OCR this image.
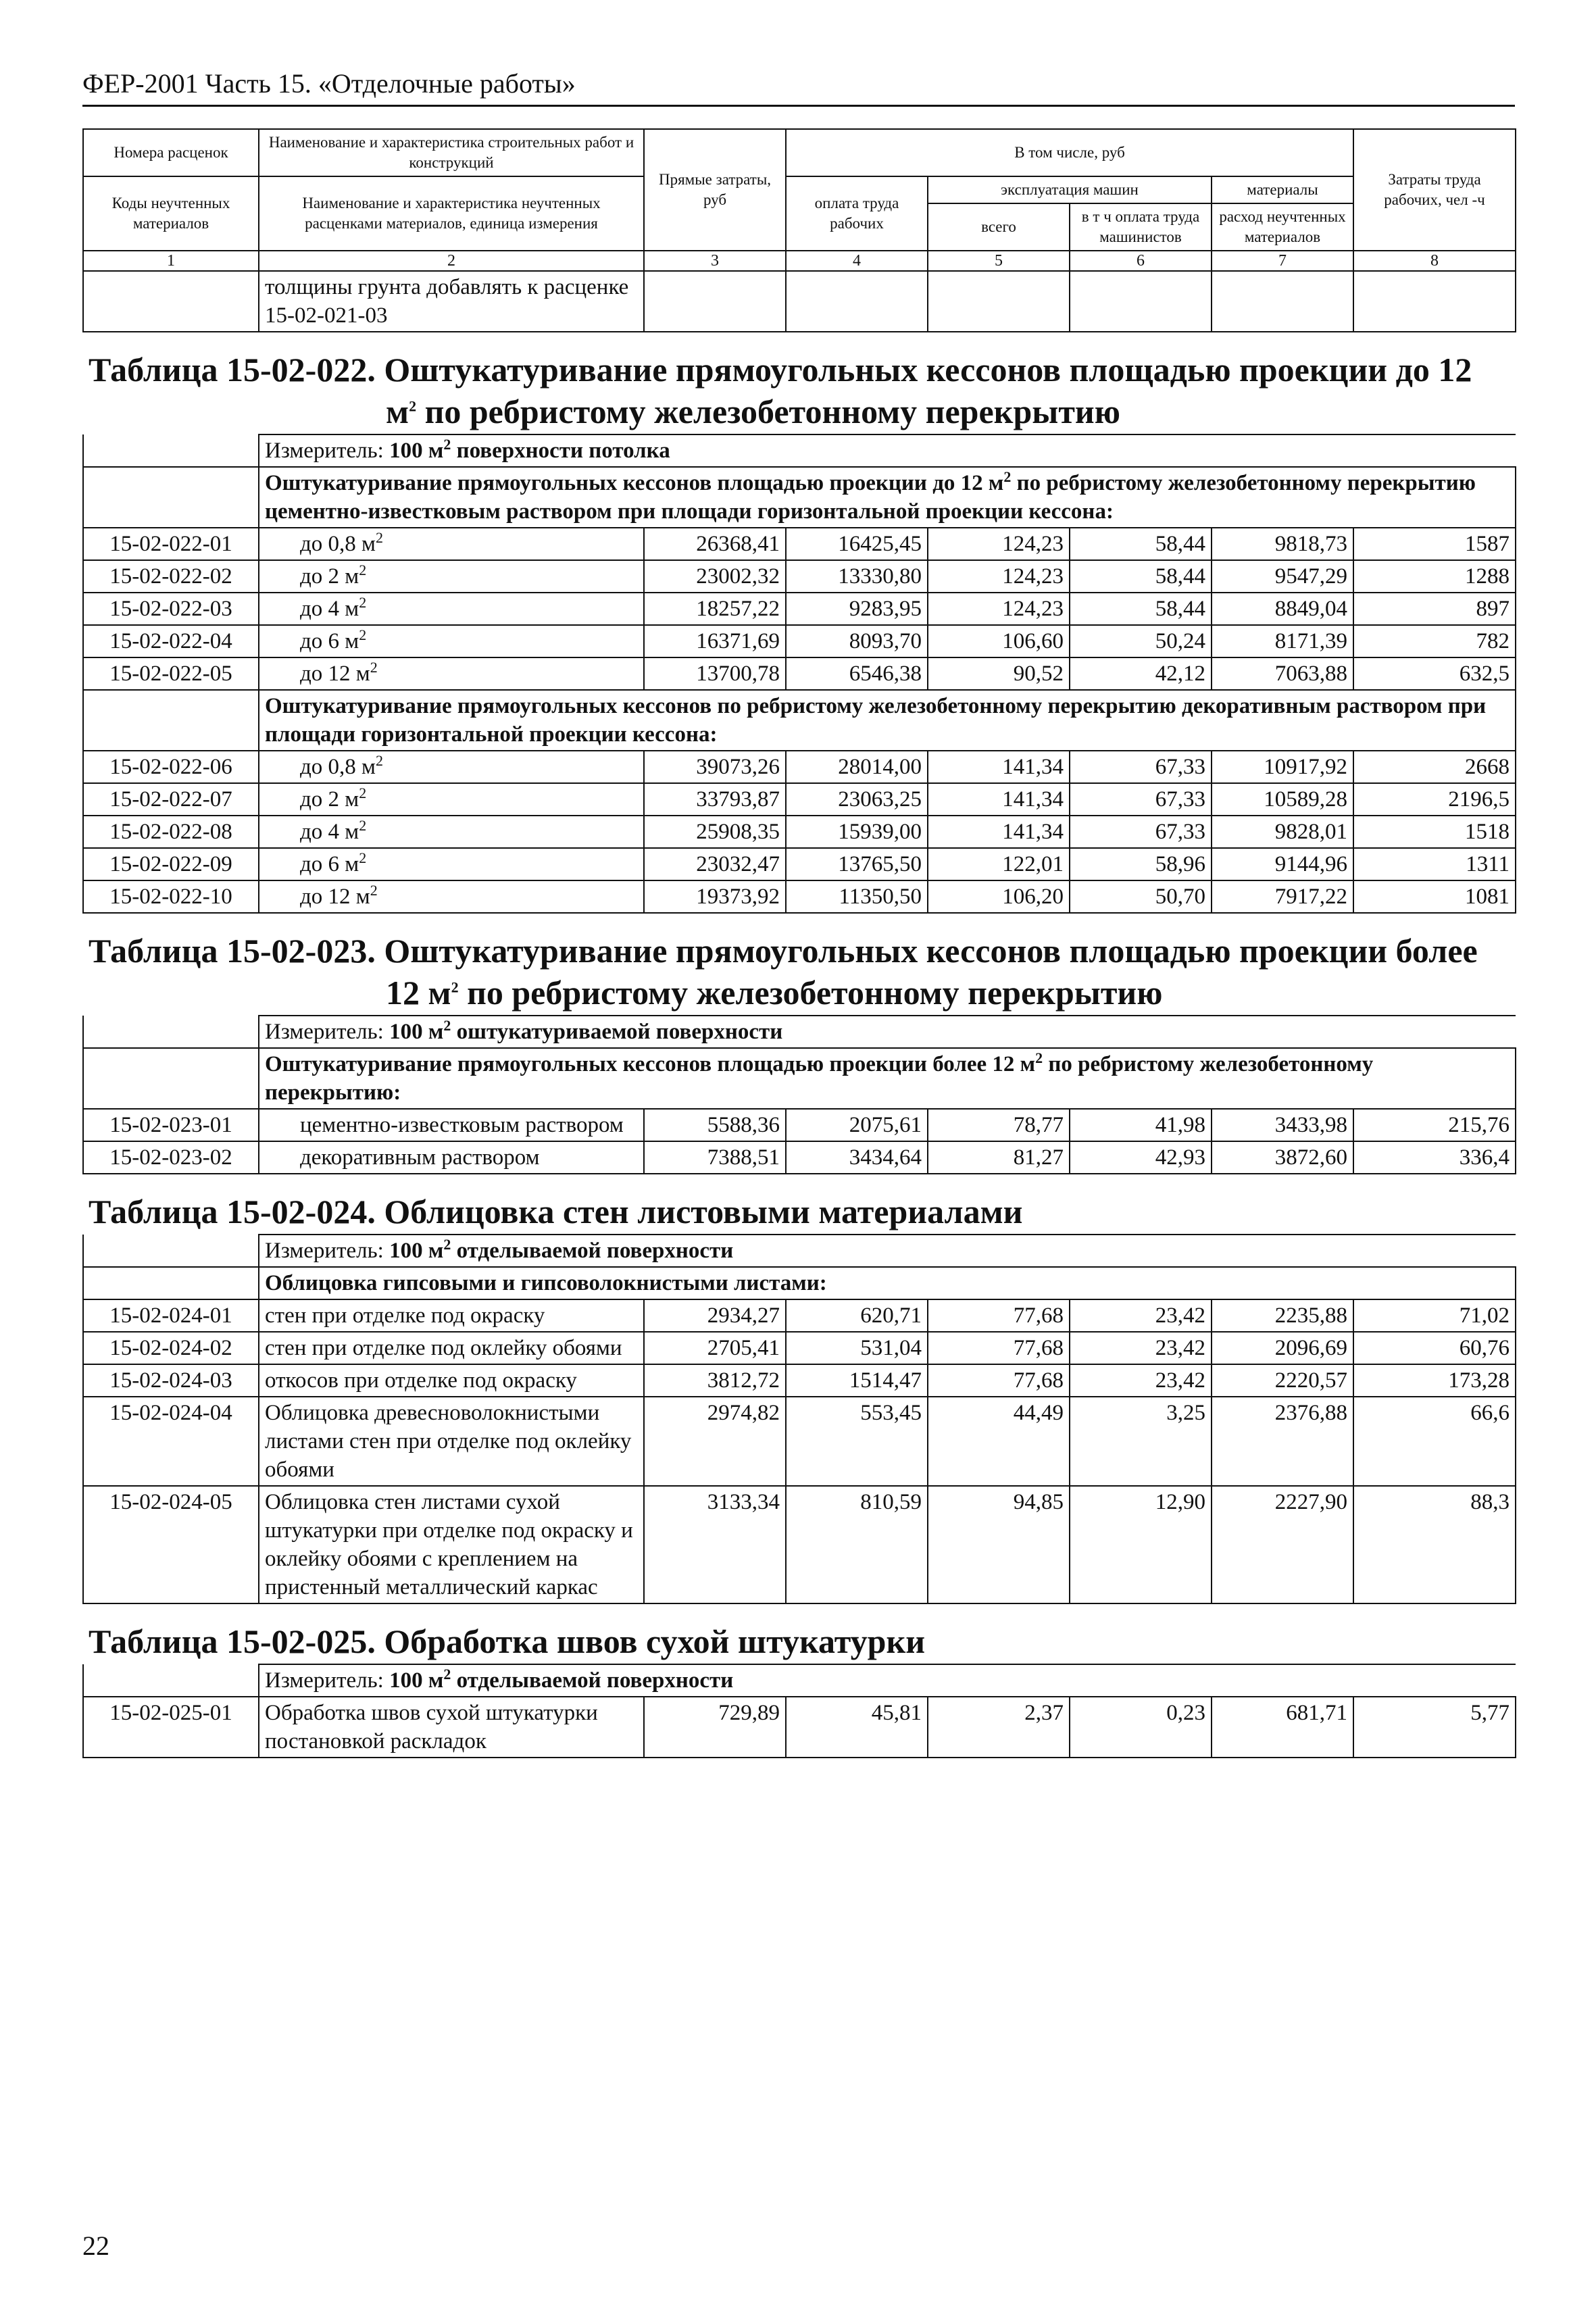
ФЕР-2001 Часть 15. «Отделочные работы»
Номера расценок	Наименование и характеристика строительных работ и конструкций	Прямые затраты, руб	В том числе, руб				Затраты труда рабочих, чел -ч
Коды неучтенных материалов	Наименование и характеристика неучтенных расценками материалов, единица измерения		оплата труда рабочих	эксплуатация машин		материалы	
				всего	в т ч оплата труда машинистов	расход неучтенных материалов	
1	2	3	4	5	6	7	8
	толщины грунта добавлять к расценке 15-02-021-03						
Таблица 15-02-022. Оштукатуривание прямоугольных кессонов площадью проекции до 12
$м^2$ по ребристому железобетонному перекрытию							

	Измеритель: 100 $м^2$ поверхности потолка						
	Оштукатуривание прямоугольных кессонов площадью проекции до 12 $м^2$ по ребристому железобетонному перекрытию цементно-известковым раствором при площади горизонтальной проекции кессона:						
15-02-022-01	до 0,8 $м^2$	26368,41	16425,45	124,23	58,44	9818,73	1587
15-02-022-02	до 2 $м^2$	23002,32	13330,80	124,23	58,44	9547,29	1288
15-02-022-03	до 4 $м^2$	18257,22	9283,95	124,23	58,44	8849,04	897
15-02-022-04	до 6 $м^2$	16371,69	8093,70	106,60	50,24	8171,39	782
15-02-022-05	до 12 $м^2$	13700,78	6546,38	90,52	42,12	7063,88	632,5
	Оштукатуривание прямоугольных кессонов по ребристому железобетонному перекрытию декоративным раствором при площади горизонтальной проекции кессона:						
15-02-022-06	до 0,8 $м^2$	39073,26	28014,00	141,34	67,33	10917,92	2668
15-02-022-07	до 2 $м^2$	33793,87	23063,25	141,34	67,33	10589,28	2196,5
15-02-022-08	до 4 $м^2$	25908,35	15939,00	141,34	67,33	9828,01	1518
15-02-022-09	до 6 $м^2$	23032,47	13765,50	122,01	58,96	9144,96	1311
15-02-022-10	до 12 $м^2$	19373,92	11350,50	106,20	50,70	7917,22	1081
Таблица 15-02-023. Оштукатуривание прямоугольных кессонов площадью проекции более
12 $м^2$ по ребристому железобетонному перекрытию							

	Измеритель: 100 $м^2$ оштукатуриваемой поверхности						
	Оштукатуривание прямоугольных кессонов площадью проекции более 12 $м^2$ по ребристому железобетонному перекрытию:						
15-02-023-01	цементно-известковым раствором	5588,36	2075,61	78,77	41,98	3433,98	215,76
15-02-023-02	декоративным раствором	7388,51	3434,64	81,27	42,93	3872,60	336,4
Таблица 15-02-024. Облицовка стен листовыми материалами							
	Измеритель: 100 $м^2$ отделываемой поверхности						
	Облицовка гипсовыми и гипсоволокнистыми листами:						
15-02-024-01	стен при отделке под окраску	2934,27	620,71	77,68	23,42	2235,88	71,02
15-02-024-02	стен при отделке под оклейку обоями	2705,41	531,04	77,68	23,42	2096,69	60,76
15-02-024-03	откосов при отделке под окраску	3812,72	1514,47	77,68	23,42	2220,57	173,28
15-02-024-04	Облицовка древесноволокнистыми листами стен при отделке под оклейку обоями	2974,82	553,45	44,49	3,25	2376,88	66,6
15-02-024-05	Облицовка стен листами сухой штукатурки при отделке под окраску и оклейку обоями с креплением на пристенный металлический каркас	3133,34	810,59	94,85	12,90	2227,90	88,3
Таблица 15-02-025. Обработка швов сухой штукатурки							
	Измеритель: 100 $м^2$ отделываемой поверхности						
15-02-025-01	Обработка швов сухой штукатурки постановкой раскладок	729,89	45,81	2,37	0,23	681,71	5,77
22
